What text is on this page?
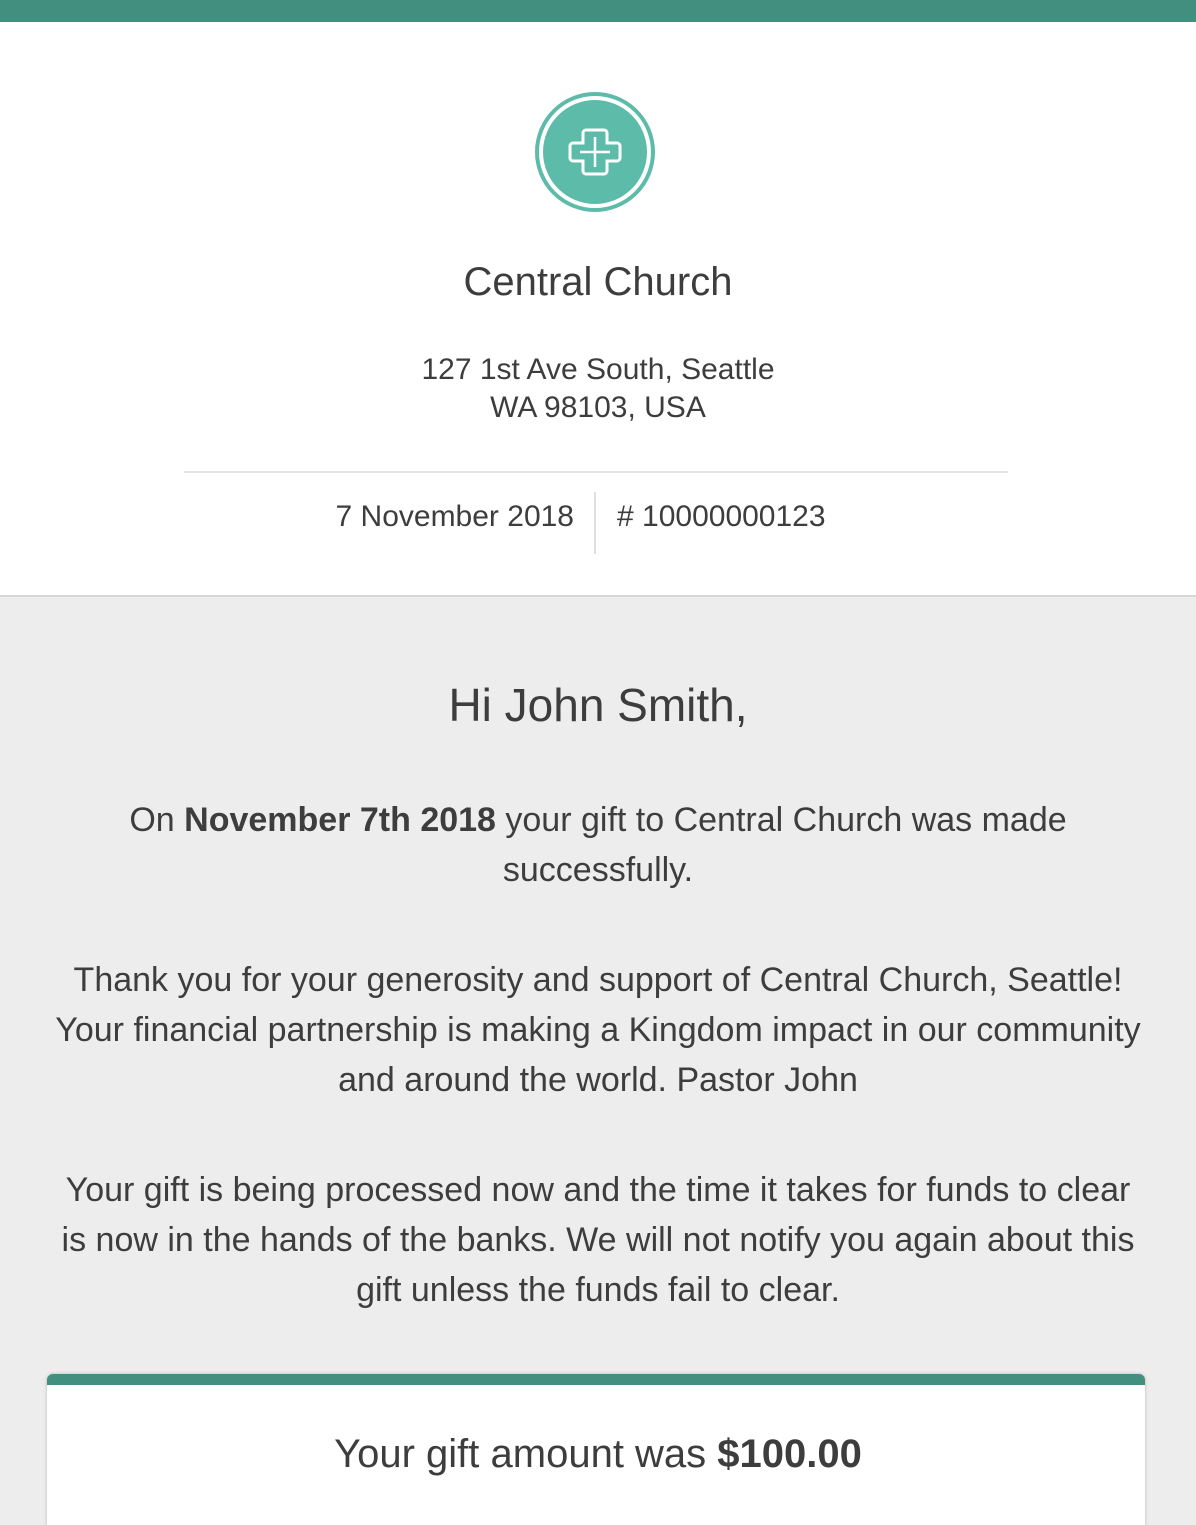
Central Church
127 1st Ave South, Seattle
WA 98103, USA
7 November 2018 # 10000000123
Hi John Smith,
On November 7th 2018 your gift to Central Church was made successfully.
Thank you for your generosity and support of Central Church, Seattle! Your financial partnership is making a Kingdom impact in our community and around the world. Pastor John
Your gift is being processed now and the time it takes for funds to clear is now in the hands of the banks. We will not notify you again about this gift unless the funds fail to clear.
Your gift amount was $100.00
